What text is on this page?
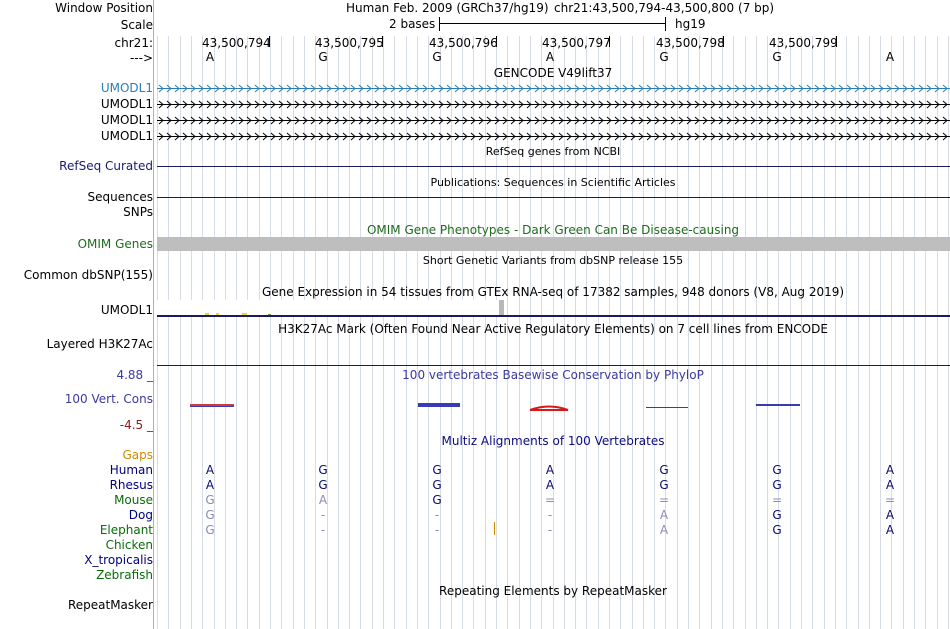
Window Position	Human Feb. 2009 (GRCh37/hg19) chr21:43,500,794-43,500,800 (7 bp)
Scale	2 bases	hg19
chr21:	43,500,794	43,500,795	43,500,796	43,500,797	43,500,798	43,500,799
--->	A	G	G	A	G	G	A
GENCODE V49lift37
UMODL1
UMODL1
UMODL1
UMODL1
RefSeq genes from NCBI
RefSeq Curated
Publications: Sequences in Scientific Articles
Sequences
SNPs
OMIM Gene Phenotypes - Dark Green Can Be Disease-causing
OMIM Genes
Short Genetic Variants from dbSNP release 155
Common dbSNP(155)
Gene Expression in 54 tissues from GTEx RNA-seq of 17382 samples, 948 donors (V8, Aug 2019)
UMODL1
H3K27Ac Mark (Often Found Near Active Regulatory Elements) on 7 cell lines from ENCODE
Layered H3K27Ac
100 vertebrates Basewise Conservation by PhyloP
4.88 _
100 Vert. Cons
-4.5 _
Multiz Alignments of 100 Vertebrates
Gaps
Human	A	G	G	A	G	G	A
Rhesus	A	G	G	A	G	G	A
Mouse	G	A	G	=	=	=	=
Dog	G	-	-	-	A	G	A
Elephant	G	-	-	-	A	G	A
Chicken
X_tropicalis
Zebrafish
Repeating Elements by RepeatMasker
RepeatMasker
